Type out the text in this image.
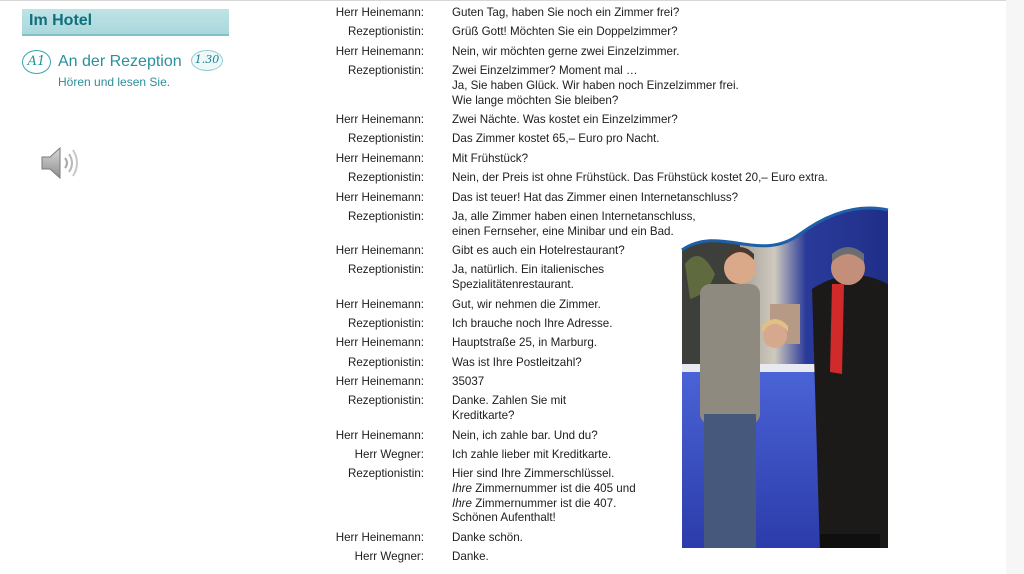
Im Hotel
A1 An der Rezeption	1.30
Hören und lesen Sie.
Herr Heinemann: Guten Tag, haben Sie noch ein Zimmer frei?
Rezeptionistin: Grüß Gott! Möchten Sie ein Doppelzimmer?
Herr Heinemann: Nein, wir möchten gerne zwei Einzelzimmer.
Rezeptionistin: Zwei Einzelzimmer? Moment mal …
Ja, Sie haben Glück. Wir haben noch Einzelzimmer frei.
Wie lange möchten Sie bleiben?
Herr Heinemann: Zwei Nächte. Was kostet ein Einzelzimmer?
Rezeptionistin: Das Zimmer kostet 65,– Euro pro Nacht.
Herr Heinemann: Mit Frühstück?
Rezeptionistin: Nein, der Preis ist ohne Frühstück. Das Frühstück kostet 20,– Euro extra.
Herr Heinemann: Das ist teuer! Hat das Zimmer einen Internetanschluss?
Rezeptionistin: Ja, alle Zimmer haben einen Internetanschluss,
einen Fernseher, eine Minibar und ein Bad.
Herr Heinemann: Gibt es auch ein Hotelrestaurant?
Rezeptionistin: Ja, natürlich. Ein italienisches
Spezialitätenrestaurant.
Herr Heinemann: Gut, wir nehmen die Zimmer.
Rezeptionistin: Ich brauche noch Ihre Adresse.
Herr Heinemann: Hauptstraße 25, in Marburg.
Rezeptionistin: Was ist Ihre Postleitzahl?
Herr Heinemann: 35037
Rezeptionistin: Danke. Zahlen Sie mit
Kreditkarte?
Herr Heinemann: Nein, ich zahle bar. Und du?
Herr Wegner: Ich zahle lieber mit Kreditkarte.
Rezeptionistin: Hier sind Ihre Zimmerschlüssel.
Ihre Zimmernummer ist die 405 und
Ihre Zimmernummer ist die 407.
Schönen Aufenthalt!
Herr Heinemann: Danke schön.
Herr Wegner: Danke.
